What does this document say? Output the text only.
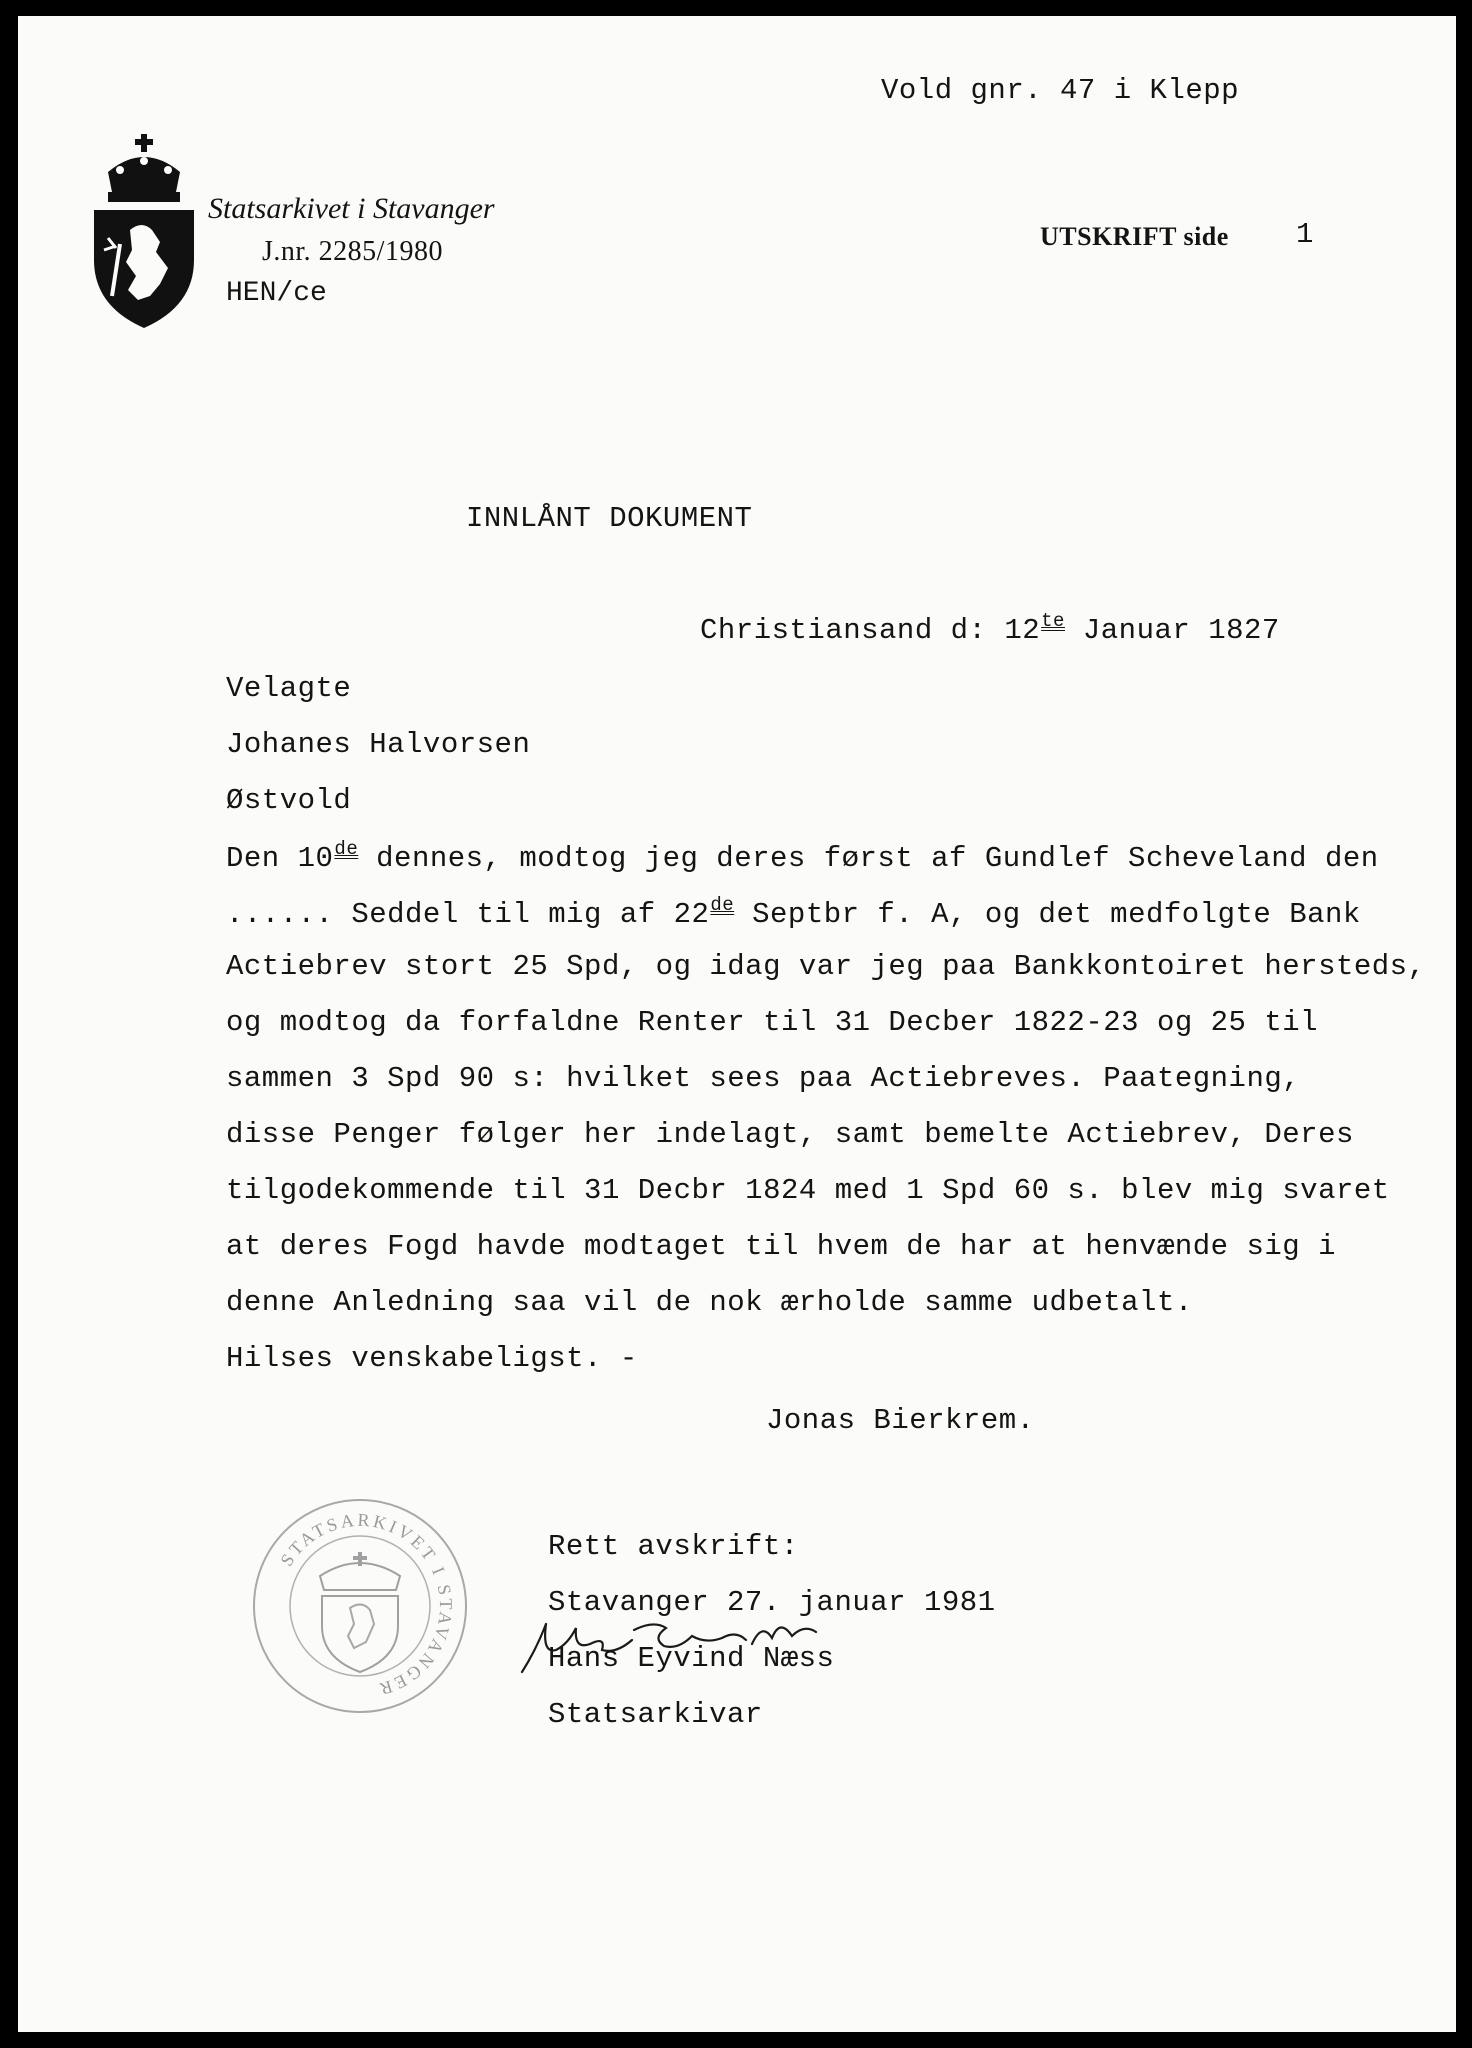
Vold gnr. 47 i Klepp
Statsarkivet i Stavanger
J.nr. 2285/1980
HEN/ce
UTSKRIFT side 1
INNLÅNT DOKUMENT
Christiansand d: $12^{te}$ Januar 1827
Velagte
Johanes Halvorsen
Østvold
Den 10de dennes, modtog jeg deres først af Gundlef Scheveland den
...... Seddel til mig af 22de Septbr f. A, og det medfolgte Bank
Actiebrev stort 25 Spd, og idag var jeg paa Bankkontoiret hersteds,
og modtog da forfaldne Renter til 31 Decber 1822-23 og 25 til
sammen 3 Spd 90 s: hvilket sees paa Actiebreves. Paategning,
disse Penger følger her indelagt, samt bemelte Actiebrev, Deres
tilgodekommende til 31 Decbr 1824 med 1 Spd 60 s. blev mig svaret
at deres Fogd havde modtaget til hvem de har at henvænde sig i
denne Anledning saa vil de nok ærholde samme udbetalt.
Hilses venskabeligst. -
Jonas Bierkrem.
STATSARKIVET I STAVANGER
Rett avskrift:
Stavanger 27. januar 1981
Hans Eyvind Næss
Statsarkivar
